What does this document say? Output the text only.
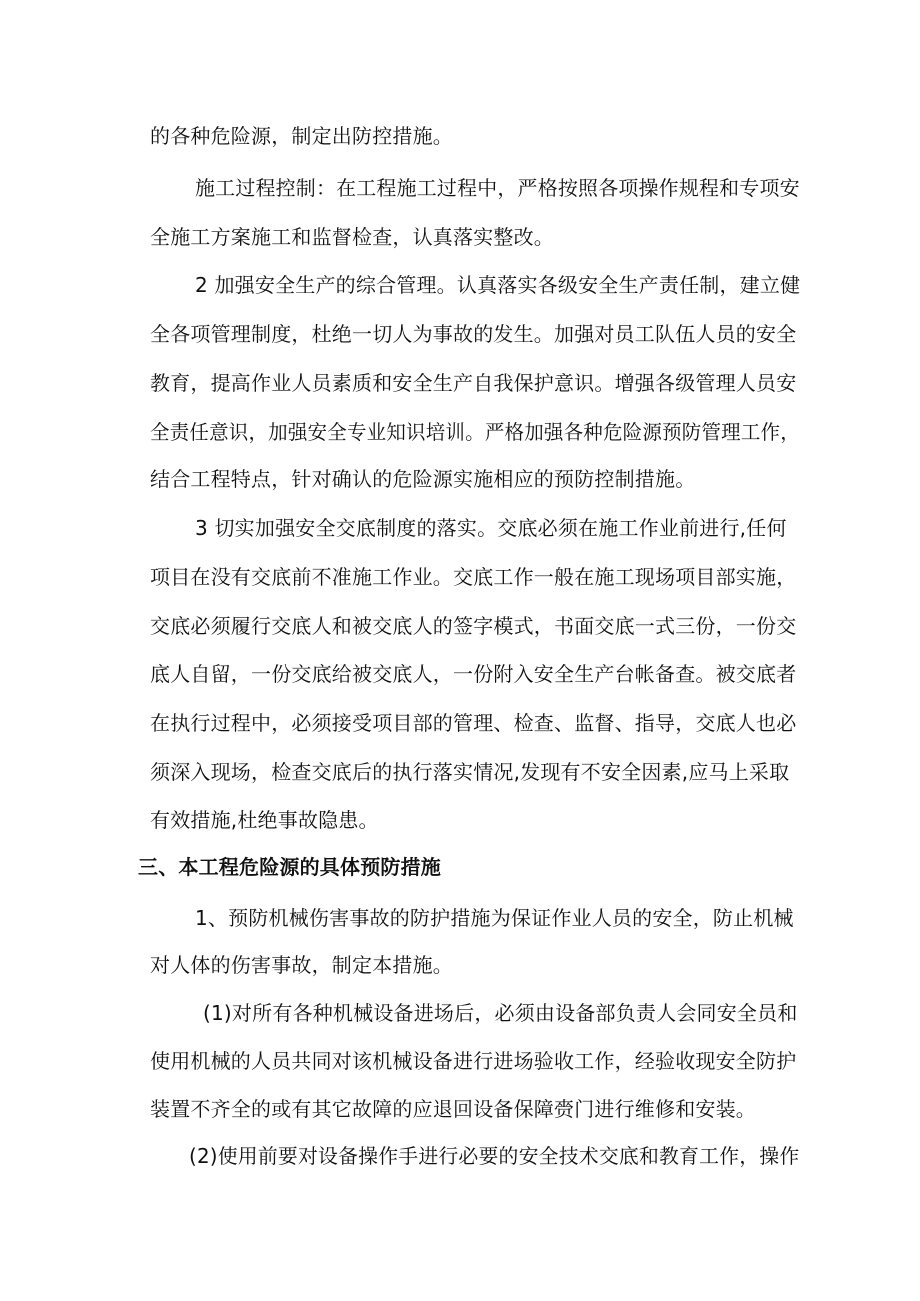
的各种危险源，制定出防控措施。
施工过程控制：在工程施工过程中，严格按照各项操作规程和专项安
全施工方案施工和监督检查，认真落实整改。
2 加强安全生产的综合管理。认真落实各级安全生产责任制，建立健
全各项管理制度，杜绝一切人为事故的发生。加强对员工队伍人员的安全
教育，提高作业人员素质和安全生产自我保护意识。增强各级管理人员安
全责任意识，加强安全专业知识培训。严格加强各种危险源预防管理工作，
结合工程特点，针对确认的危险源实施相应的预防控制措施。
3 切实加强安全交底制度的落实。交底必须在施工作业前进行,任何
项目在没有交底前不准施工作业。交底工作一般在施工现场项目部实施，
交底必须履行交底人和被交底人的签字模式，书面交底一式三份，一份交
底人自留，一份交底给被交底人，一份附入安全生产台帐备查。被交底者
在执行过程中，必须接受项目部的管理、检查、监督、指导，交底人也必
须深入现场，检查交底后的执行落实情况,发现有不安全因素,应马上采取
有效措施,杜绝事故隐患。
三、本工程危险源的具体预防措施
1、预防机械伤害事故的防护措施为保证作业人员的安全，防止机械
对人体的伤害事故，制定本措施。
(1)对所有各种机械设备进场后，必须由设备部负责人会同安全员和
使用机械的人员共同对该机械设备进行进场验收工作，经验收现安全防护
装置不齐全的或有其它故障的应退回设备保障赍门进行维修和安装。
(2)使用前要对设备操作手进行必要的安全技术交底和教育工作，操作
